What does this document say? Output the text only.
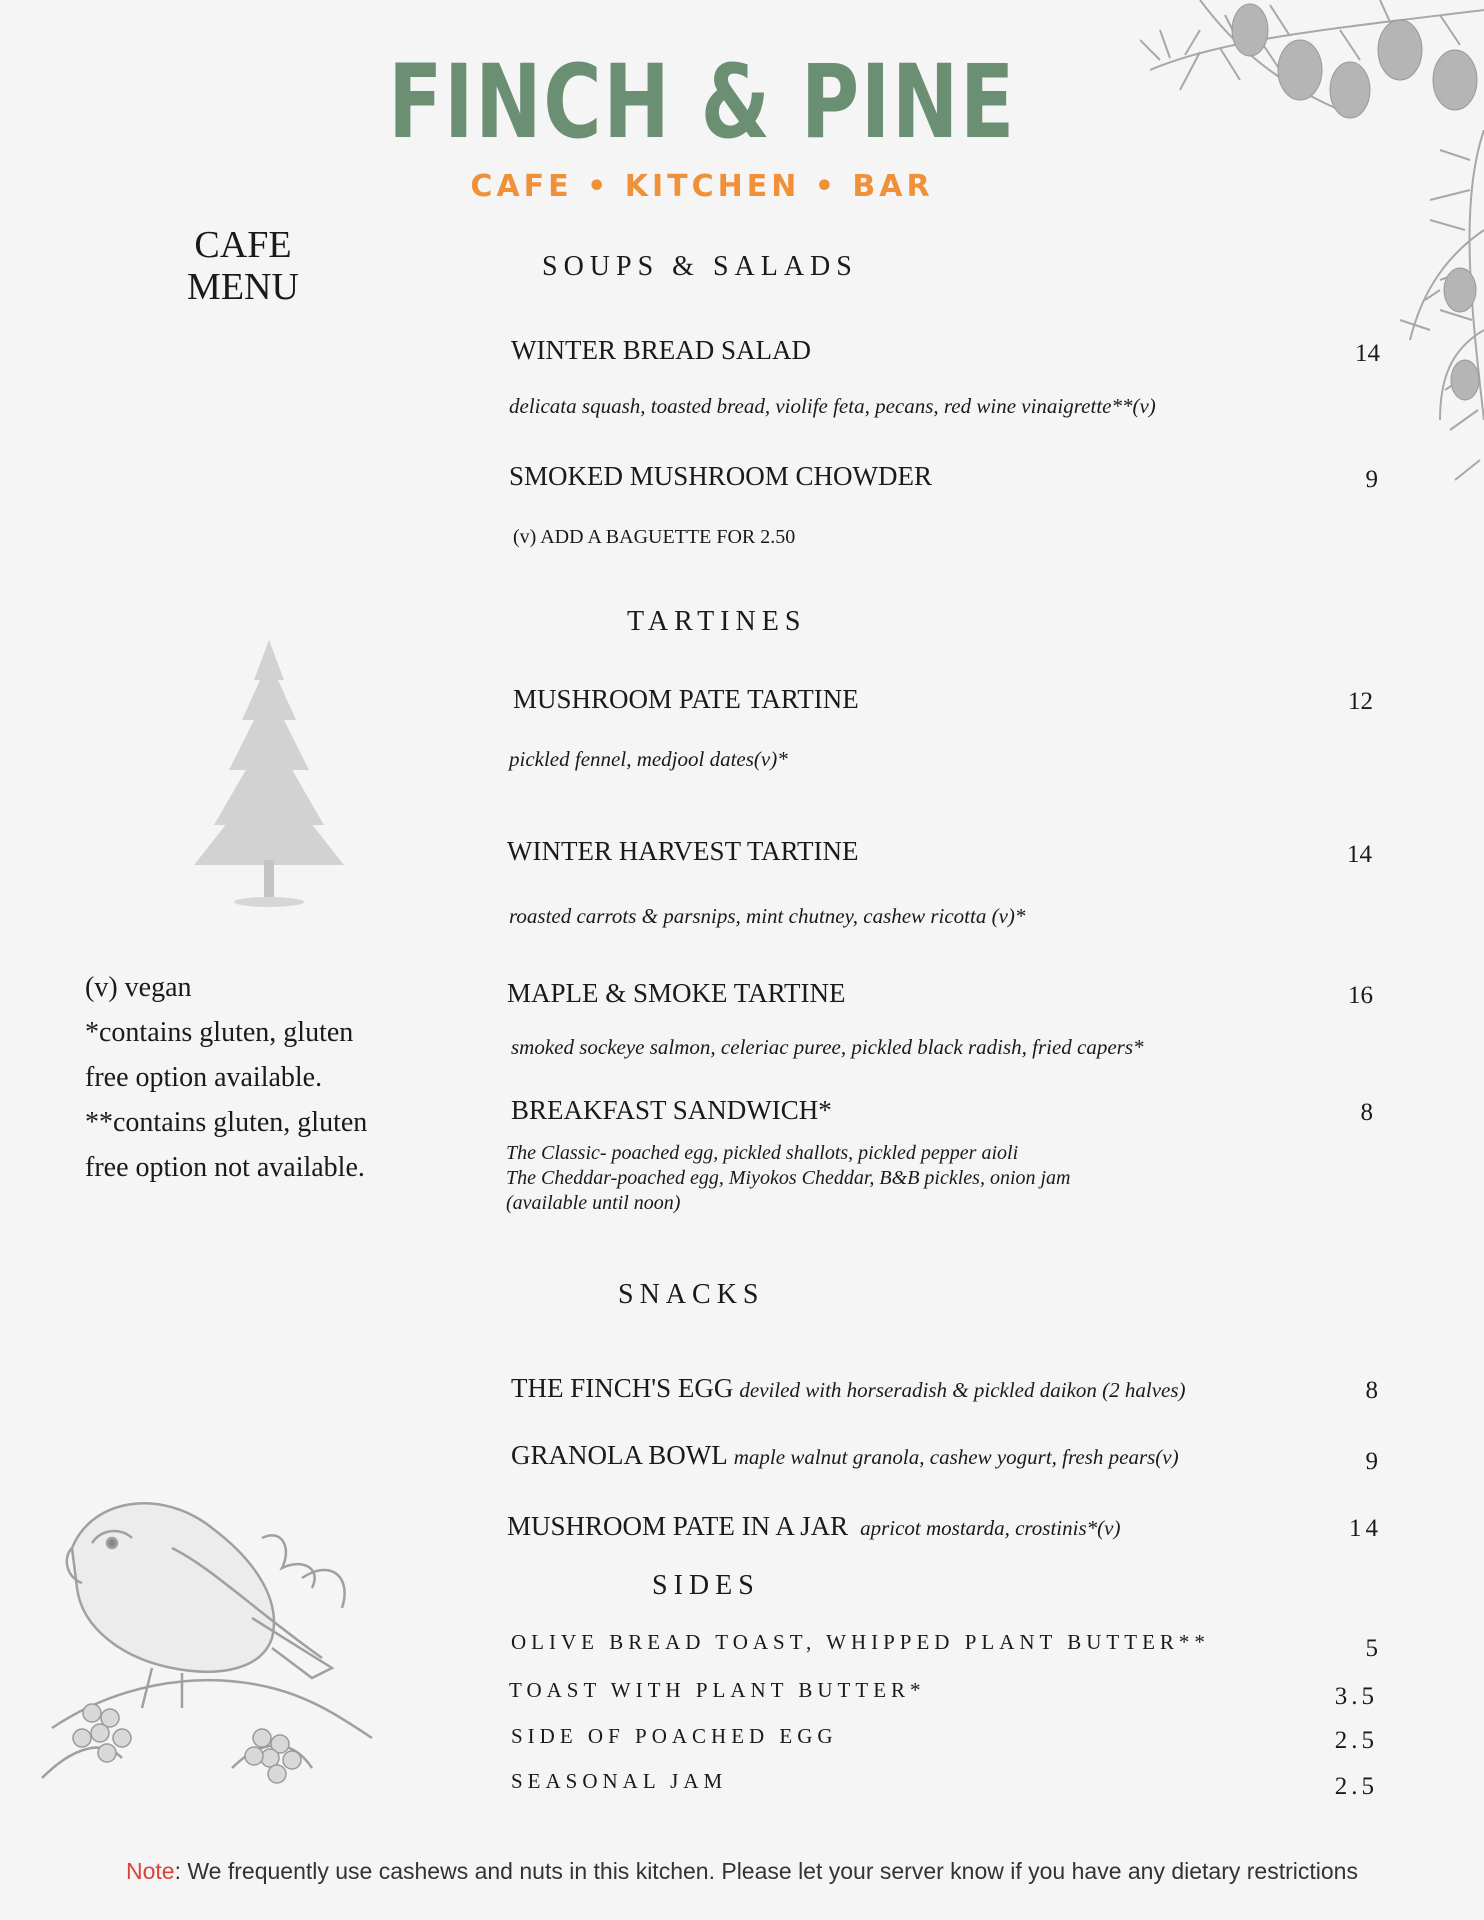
FINCH & PINE
CAFE • KITCHEN • BAR
CAFE
MENU
(v) vegan
*contains gluten, gluten
free option available.
**contains gluten, gluten
free option not available.
SOUPS & SALADS
WINTER BREAD SALAD	14
delicata squash, toasted bread, violife feta, pecans, red wine vinaigrette**(v)
SMOKED MUSHROOM CHOWDER	9
(v) ADD A BAGUETTE FOR 2.50
TARTINES
MUSHROOM PATE TARTINE	12
pickled fennel, medjool dates(v)*
WINTER HARVEST TARTINE	14
roasted carrots & parsnips, mint chutney, cashew ricotta (v)*
MAPLE & SMOKE TARTINE	16
smoked sockeye salmon, celeriac puree, pickled black radish, fried capers*
BREAKFAST SANDWICH*	8
The Classic- poached egg, pickled shallots, pickled pepper aioli
The Cheddar-poached egg, Miyokos Cheddar, B&B pickles, onion jam
(available until noon)
SNACKS
THE FINCH'S EGG deviled with horseradish & pickled daikon (2 halves)	8
GRANOLA BOWL maple walnut granola, cashew yogurt, fresh pears(v)	9
MUSHROOM PATE IN A JAR apricot mostarda, crostinis*(v)	14
SIDES
OLIVE BREAD TOAST, WHIPPED PLANT BUTTER**	5
TOAST WITH PLANT BUTTER*	3.5
SIDE OF POACHED EGG	2.5
SEASONAL JAM	2.5
Note: We frequently use cashews and nuts in this kitchen. Please let your server know if you have any dietary restrictions
